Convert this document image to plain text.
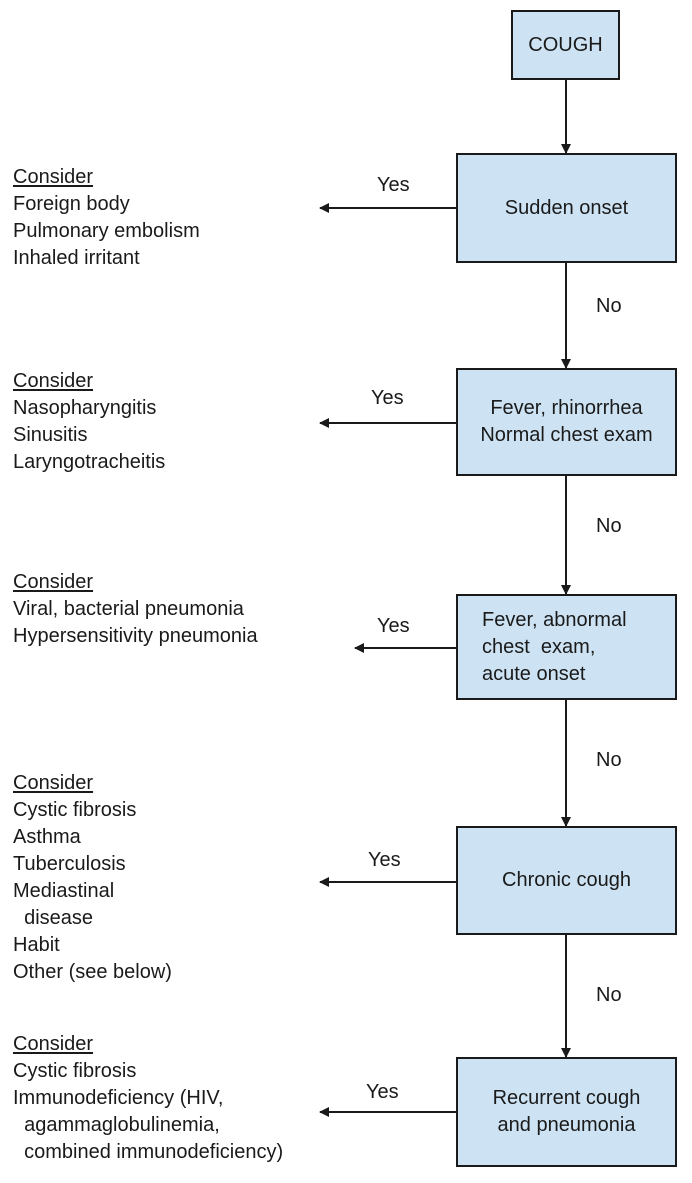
COUGH
Sudden onset
Fever, rhinorrhea
Normal chest exam
Fever, abnormal
chest  exam,
acute onset
Chronic cough
Recurrent cough
and pneumonia
Yes
Yes
Yes
Yes
Yes
No
No
No
No
Consider
Foreign body
Pulmonary embolism
Inhaled irritant
Consider
Nasopharyngitis
Sinusitis
Laryngotracheitis
Consider
Viral, bacterial pneumonia
Hypersensitivity pneumonia
Consider
Cystic fibrosis
Asthma
Tuberculosis
Mediastinal
disease
Habit
Other (see below)
Consider
Cystic fibrosis
Immunodeficiency (HIV,
agammaglobulinemia,
combined immunodeficiency)
